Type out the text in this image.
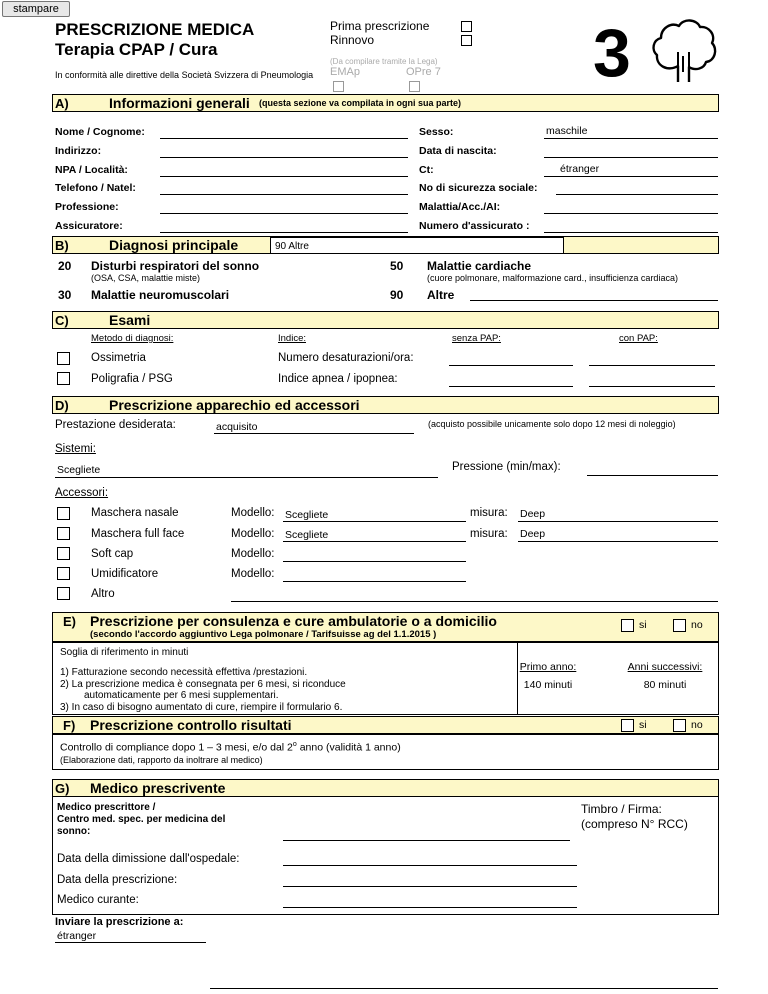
stampare
PRESCRIZIONE MEDICA
Terapia CPAP / Cura
In conformità alle direttive della Società Svizzera di Pneumologia
Prima prescrizione
Rinnovo
(Da compilare tramite la Lega)
EMAp	OPre 7 3
A)	Informazioni generali (questa sezione va compilata in ogni sua parte)
Nome / Cognome:	Sesso:	maschile
Indirizzo:	Data di nascita:
NPA / Località:	Ct:	étranger
Telefono / Natel:	No di sicurezza sociale:
Professione:	Malattia/Acc./AI:
Assicuratore:	Numero d'assicurato :
B)	Diagnosi principale	90 Altre
20 Disturbi respiratori del sonno
(OSA, CSA, malattie miste)
50 Malattie cardiache
(cuore polmonare, malformazione card., insufficienza cardiaca)
30 Malattie neuromuscolari	90 Altre
C)	Esami
Metodo di diagnosi:	Indice:	senza PAP:	con PAP:
Ossimetria	Numero desaturazioni/ora:
Poligrafia / PSG	Indice apnea / ipopnea:
D)	Prescrizione apparechio ed accessori
Prestazione desiderata:	acquisito	(acquisto possibile unicamente solo dopo 12 mesi di noleggio)
Sistemi:
Scegliete	Pressione (min/max):
Accessori:
Maschera nasale	Modello: Scegliete	misura: Deep
Maschera full face	Modello: Scegliete	misura: Deep
Soft cap	Modello:
Umidificatore	Modello:
Altro
E) Prescrizione per consulenza e cure ambulatorie o a domicilio
(secondo l'accordo aggiuntivo Lega polmonare / Tarifsuisse ag del 1.1.2015 )
si	no
Soglia di riferimento in minuti
1) Fatturazione secondo necessità effettiva /prestazioni.
2) La prescrizione medica è consegnata per 6 mesi, si riconduce
automaticamente per 6 mesi supplementari.
3) In caso di bisogno aumentato di cure, riempire il formulario 6.
Primo anno:
140 minuti
Anni successivi:
80 minuti
F) Prescrizione controllo risultati	si	no
Controllo di compliance dopo 1 – 3 mesi, e/o dal 2$^o$ anno (validità 1 anno)
(Elaborazione dati, rapporto da inoltrare al medico)
G) Medico prescrivente
Medico prescrittore /
Centro med. spec. per medicina del
sonno:
Timbro / Firma:
(compreso N° RCC)
Data della dimissione dall'ospedale:
Data della prescrizione:
Medico curante:
Inviare la prescrizione a:
étranger
